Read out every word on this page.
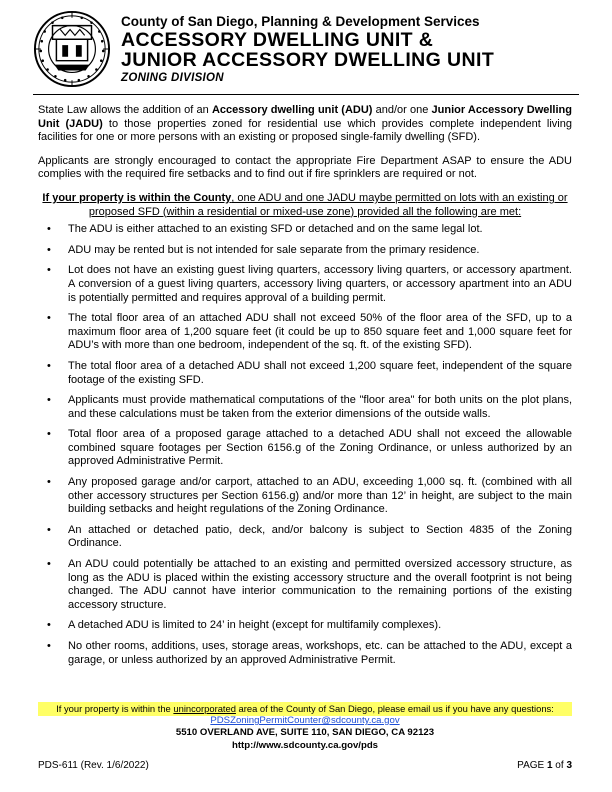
County of San Diego, Planning & Development Services
ACCESSORY DWELLING UNIT &
JUNIOR ACCESSORY DWELLING UNIT
ZONING DIVISION

State Law allows the addition of an Accessory dwelling unit (ADU) and/or one Junior Accessory Dwelling Unit (JADU) to those properties zoned for residential use which provides complete independent living facilities for one or more persons with an existing or proposed single-family dwelling (SFD).

Applicants are strongly encouraged to contact the appropriate Fire Department ASAP to ensure the ADU complies with the required fire setbacks and to find out if fire sprinklers are required or not.

If your property is within the County, one ADU and one JADU maybe permitted on lots with an existing or proposed SFD (within a residential or mixed-use zone) provided all the following are met:

• The ADU is either attached to an existing SFD or detached and on the same legal lot.
• ADU may be rented but is not intended for sale separate from the primary residence.
• Lot does not have an existing guest living quarters, accessory living quarters, or accessory apartment. A conversion of a guest living quarters, accessory living quarters, or accessory apartment into an ADU is potentially permitted and requires approval of a building permit.
• The total floor area of an attached ADU shall not exceed 50% of the floor area of the SFD, up to a maximum floor area of 1,200 square feet (it could be up to 850 square feet and 1,000 square feet for ADU’s with more than one bedroom, independent of the sq. ft. of the existing SFD).
• The total floor area of a detached ADU shall not exceed 1,200 square feet, independent of the square footage of the existing SFD.
• Applicants must provide mathematical computations of the "floor area" for both units on the plot plans, and these calculations must be taken from the exterior dimensions of the outside walls.
• Total floor area of a proposed garage attached to a detached ADU shall not exceed the allowable combined square footages per Section 6156.g of the Zoning Ordinance, or unless authorized by an approved Administrative Permit.
• Any proposed garage and/or carport, attached to an ADU, exceeding 1,000 sq. ft. (combined with all other accessory structures per Section 6156.g) and/or more than 12’ in height, are subject to the main building setbacks and height regulations of the Zoning Ordinance.
• An attached or detached patio, deck, and/or balcony is subject to Section 4835 of the Zoning Ordinance.
• An ADU could potentially be attached to an existing and permitted oversized accessory structure, as long as the ADU is placed within the existing accessory structure and the overall footprint is not being changed. The ADU cannot have interior communication to the remaining portions of the existing accessory structure.
• A detached ADU is limited to 24’ in height (except for multifamily complexes).
• No other rooms, additions, uses, storage areas, workshops, etc. can be attached to the ADU, except a garage, or unless authorized by an approved Administrative Permit.
If your property is within the unincorporated area of the County of San Diego, please email us if you have any questions:
PDSZoningPermitCounter@sdcounty.ca.gov
5510 OVERLAND AVE, SUITE 110, SAN DIEGO, CA 92123
http://www.sdcounty.ca.gov/pds
PDS-611 (Rev. 1/6/2022)	PAGE 1 of 3
